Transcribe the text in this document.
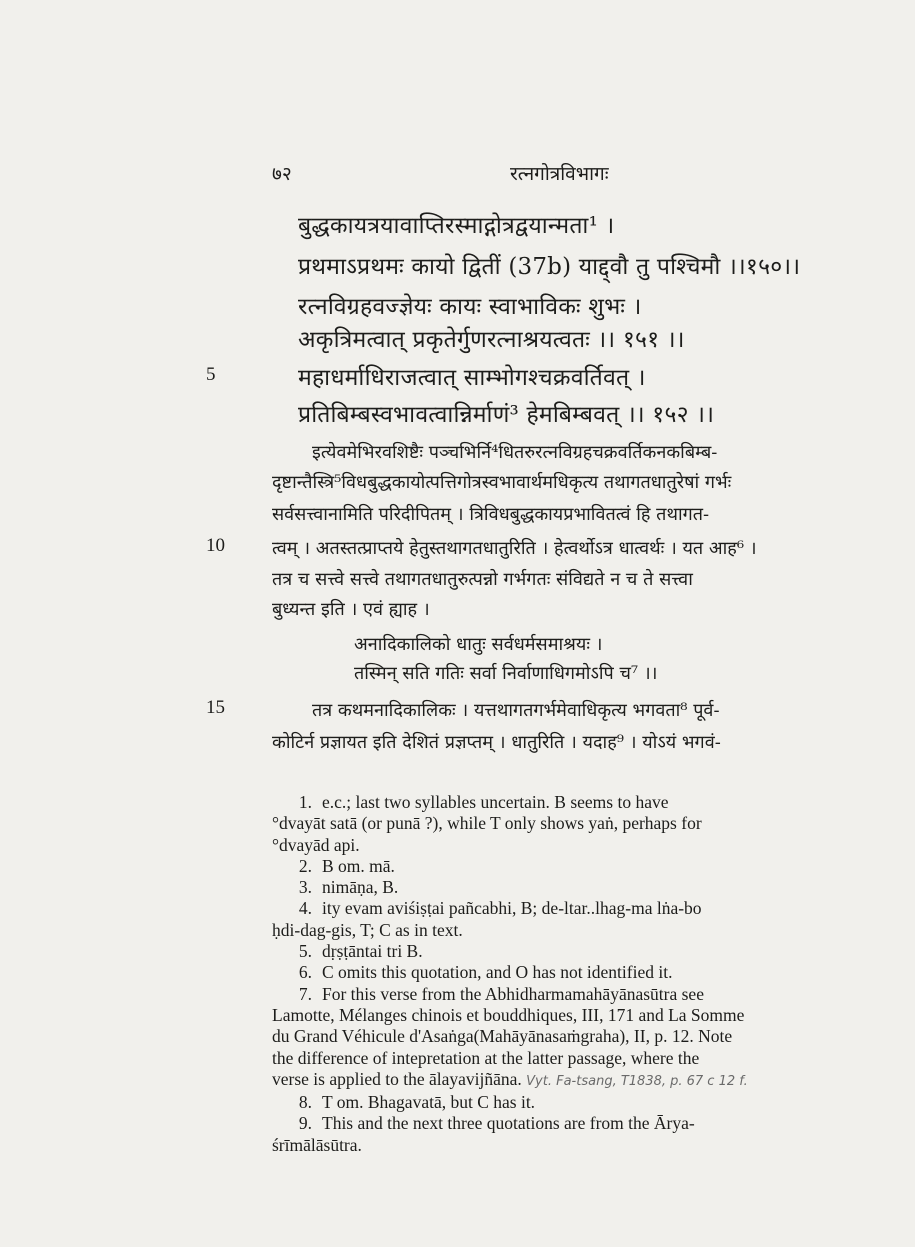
७२	रत्नगोत्रविभागः
बुद्धकायत्रयावाप्तिरस्माद्गोत्रद्वयान्मता¹ ।
प्रथमाऽप्रथमः कायो द्वितीं (37b) याद्द्वौ तु पश्चिमौ ।।१५०।।
रत्नविग्रहवज्ज्ञेयः कायः स्वाभाविकः शुभः ।
अकृत्रिमत्वात् प्रकृतेर्गुणरत्नाश्रयत्वतः ।। १५१ ।।
महाधर्माधिराजत्वात् साम्भोगश्चक्रवर्तिवत् ।
प्रतिबिम्बस्वभावत्वान्निर्माणं³ हेमबिम्बवत् ।। १५२ ।।
5
इत्येवमेभिरवशिष्टैः पञ्चभिर्नि⁴धितरुरत्नविग्रहचक्रवर्तिकनकबिम्ब-
दृष्टान्तैस्त्रि⁵विधबुद्धकायोत्पत्तिगोत्रस्वभावार्थमधिकृत्य तथागतधातुरेषां गर्भः
सर्वसत्त्वानामिति परिदीपितम् । त्रिविधबुद्धकायप्रभावितत्वं हि तथागत-
त्वम् । अतस्तत्प्राप्तये हेतुस्तथागतधातुरिति । हेत्वर्थोऽत्र धात्वर्थः । यत आह⁶ ।
तत्र च सत्त्वे सत्त्वे तथागतधातुरुत्पन्नो गर्भगतः संविद्यते न च ते सत्त्वा
बुध्यन्त इति । एवं ह्याह ।
10
अनादिकालिको धातुः सर्वधर्मसमाश्रयः ।
तस्मिन् सति गतिः सर्वा निर्वाणाधिगमोऽपि च⁷ ।।
तत्र कथमनादिकालिकः । यत्तथागतगर्भमेवाधिकृत्य भगवता⁸ पूर्व-
कोटिर्न प्रज्ञायत इति देशितं प्रज्ञप्तम् । धातुरिति । यदाह⁹ । योऽयं भगवं-
15

1. e.c.; last two syllables uncertain. B seems to have
°dvayāt satā (or punā ?), while T only shows yaṅ, perhaps for
°dvayād api.

2. B om. mā.

3. nimāṇa, B.

4. ity evam aviśiṣṭai pañcabhi, B; de-ltar..lhag-ma lṅa-bo
ḥdi-dag-gis, T; C as in text.

5. dṛṣṭāntai tri B.

6. C omits this quotation, and O has not identified it.

7. For this verse from the Abhidharmamahāyānasūtra see
Lamotte, Mélanges chinois et bouddhiques, III, 171 and La Somme
du Grand Véhicule d'Asaṅga(Mahāyānasaṁgraha), II, p. 12. Note
the difference of intepretation at the latter passage, where the
verse is applied to the ālayavijñāna. Vyt. Fa-tsang, T1838, p. 67 c 12 f.

8. T om. Bhagavatā, but C has it.

9. This and the next three quotations are from the Ārya-
śrīmālāsūtra.
